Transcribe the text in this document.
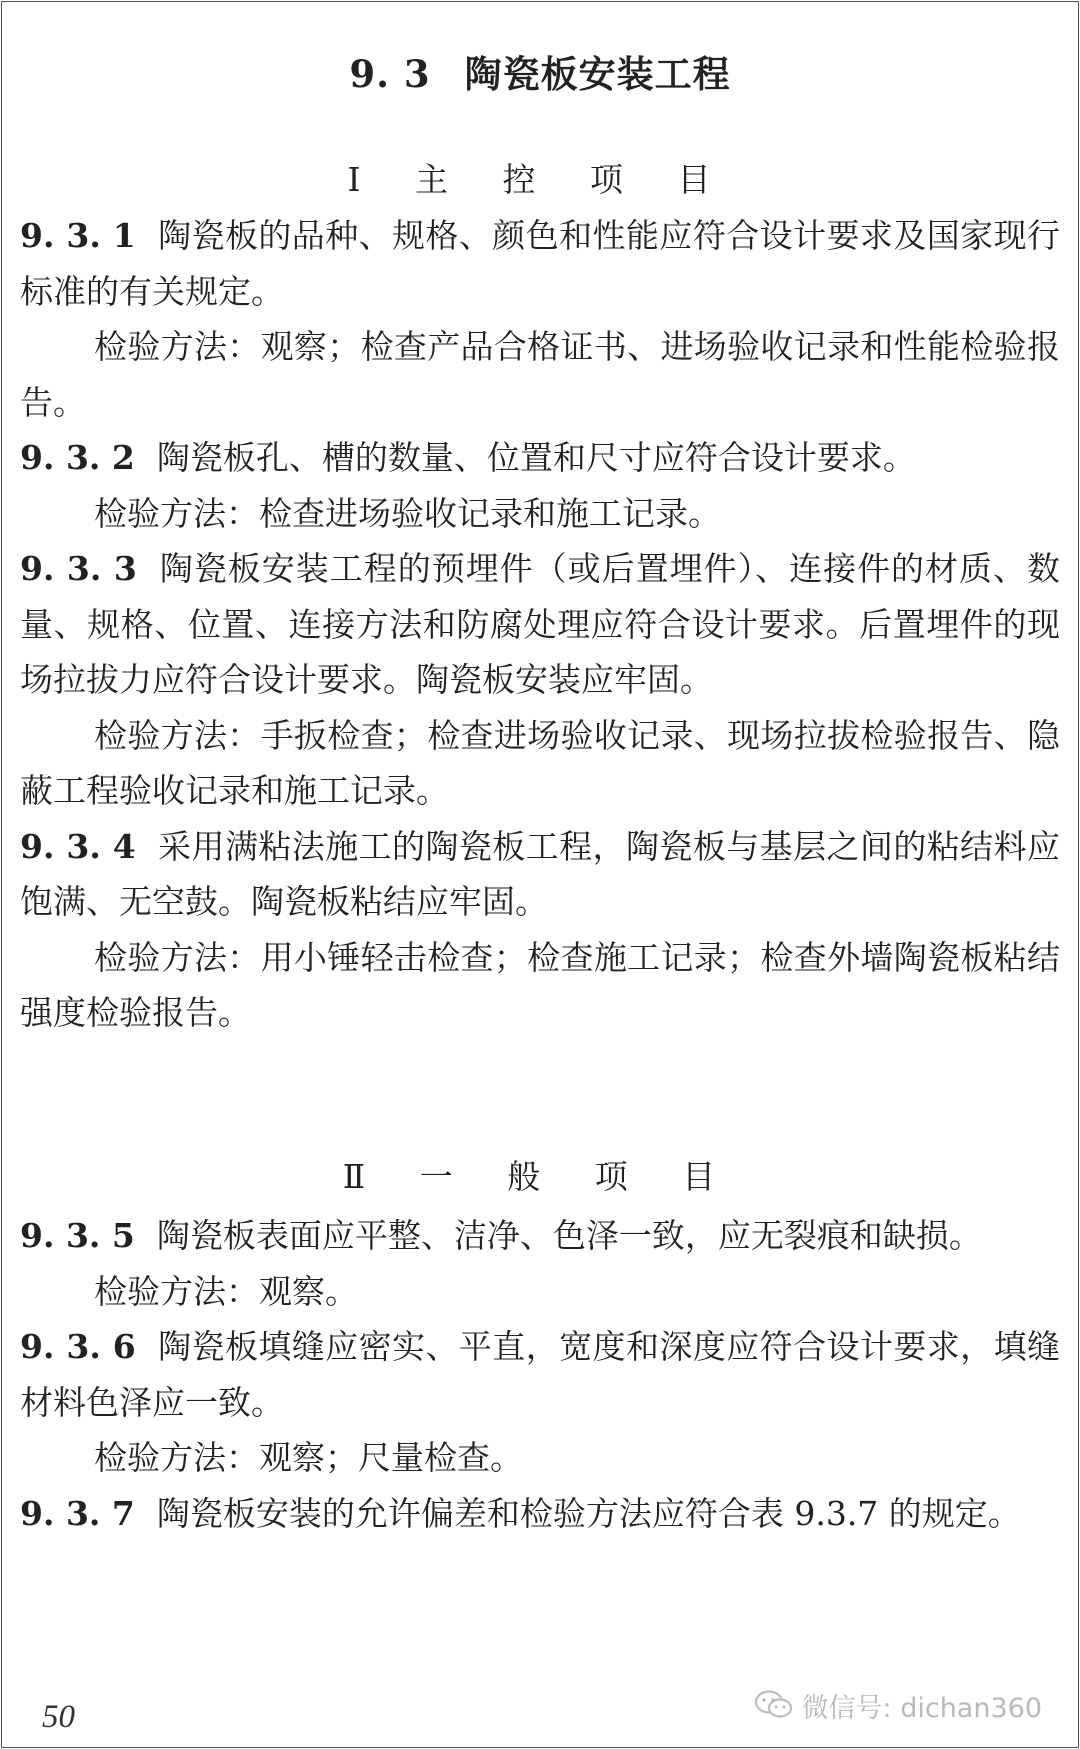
9. 3 陶瓷板安装工程
Ⅰ 主 控 项 目

9. 3. 1 陶瓷板的品种、规格、颜色和性能应符合设计要求及国家现行标准的有关规定。

检验方法：观察；检查产品合格证书、进场验收记录和性能检验报告。

9. 3. 2 陶瓷板孔、槽的数量、位置和尺寸应符合设计要求。

检验方法：检查进场验收记录和施工记录。

9. 3. 3 陶瓷板安装工程的预埋件（或后置埋件）、连接件的材质、数量、规格、位置、连接方法和防腐处理应符合设计要求。后置埋件的现场拉拔力应符合设计要求。陶瓷板安装应牢固。

检验方法：手扳检查；检查进场验收记录、现场拉拔检验报告、隐蔽工程验收记录和施工记录。

9. 3. 4 采用满粘法施工的陶瓷板工程，陶瓷板与基层之间的粘结料应饱满、无空鼓。陶瓷板粘结应牢固。

检验方法：用小锤轻击检查；检查施工记录；检查外墙陶瓷板粘结强度检验报告。

Ⅱ 一 般 项 目

9. 3. 5 陶瓷板表面应平整、洁净、色泽一致，应无裂痕和缺损。

检验方法：观察。

9. 3. 6 陶瓷板填缝应密实、平直，宽度和深度应符合设计要求，填缝材料色泽应一致。

检验方法：观察；尺量检查。

9. 3. 7 陶瓷板安装的允许偏差和检验方法应符合表 9.3.7 的规定。

50	微信号: dichan360
